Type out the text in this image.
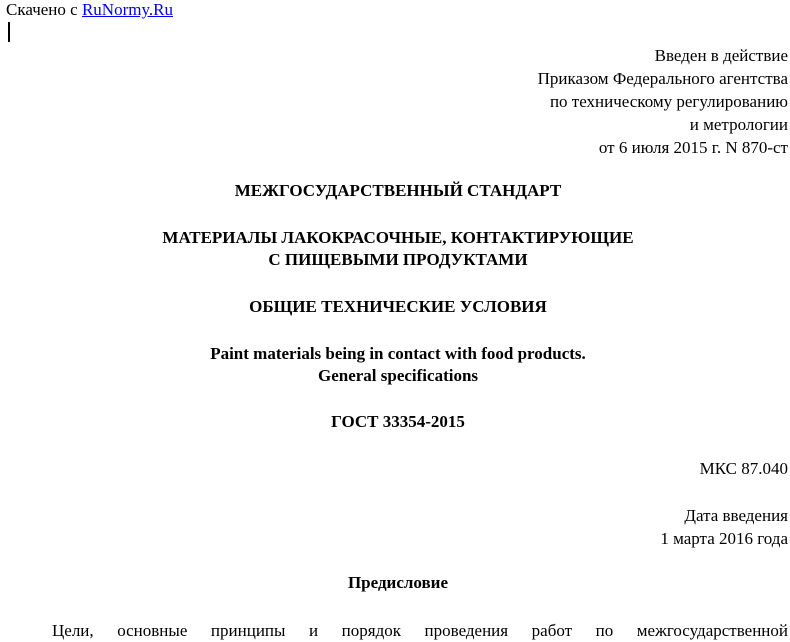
Скачено с RuNormy.Ru
Введен в действие
Приказом Федерального агентства
по техническому регулированию
и метрологии
от 6 июля 2015 г. N 870-ст
МЕЖГОСУДАРСТВЕННЫЙ СТАНДАРТ
МАТЕРИАЛЫ ЛАКОКРАСОЧНЫЕ, КОНТАКТИРУЮЩИЕ
С ПИЩЕВЫМИ ПРОДУКТАМИ
ОБЩИЕ ТЕХНИЧЕСКИЕ УСЛОВИЯ
Paint materials being in contact with food products.
General specifications
ГОСТ 33354-2015
МКС 87.040
Дата введения
1 марта 2016 года
Предисловие
Цели, основные принципы и порядок проведения работ по межгосударственной
